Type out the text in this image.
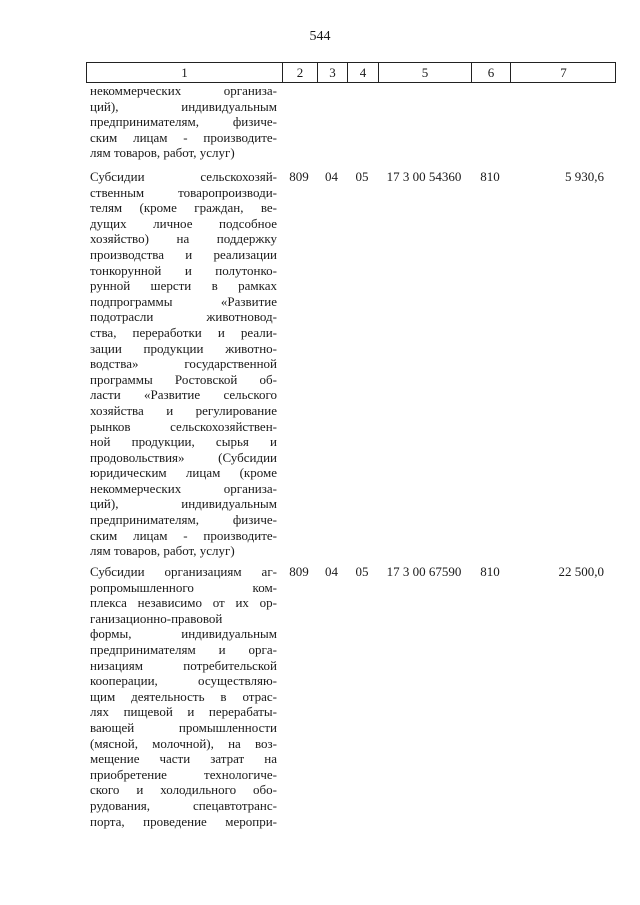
544
1	2	3	4	5	6	7
некоммерческих организа-
ций), индивидуальным
предпринимателям, физиче-
ским лицам - производите-
лям товаров, работ, услуг)
Субсидии сельскохозяй-
ственным товаропроизводи-
телям (кроме граждан, ве-
дущих личное подсобное
хозяйство) на поддержку
производства и реализации
тонкорунной и полутонко-
рунной шерсти в рамках
подпрограммы «Развитие
подотрасли животновод-
ства, переработки и реали-
зации продукции животно-
водства» государственной
программы Ростовской об-
ласти «Развитие сельского
хозяйства и регулирование
рынков сельскохозяйствен-
ной продукции, сырья и
продовольствия» (Субсидии
юридическим лицам (кроме
некоммерческих организа-
ций), индивидуальным
предпринимателям, физиче-
ским лицам - производите-
лям товаров, работ, услуг)
809	04	05	17 3 00 54360	810	5 930,6
Субсидии организациям аг-
ропромышленного ком-
плекса независимо от их ор-
ганизационно-правовой
формы, индивидуальным
предпринимателям и орга-
низациям потребительской
кооперации, осуществляю-
щим деятельность в отрас-
лях пищевой и перерабаты-
вающей промышленности
(мясной, молочной), на воз-
мещение части затрат на
приобретение технологиче-
ского и холодильного обо-
рудования, спецавтотранс-
порта, проведение меропри-
809	04	05	17 3 00 67590	810	22 500,0
